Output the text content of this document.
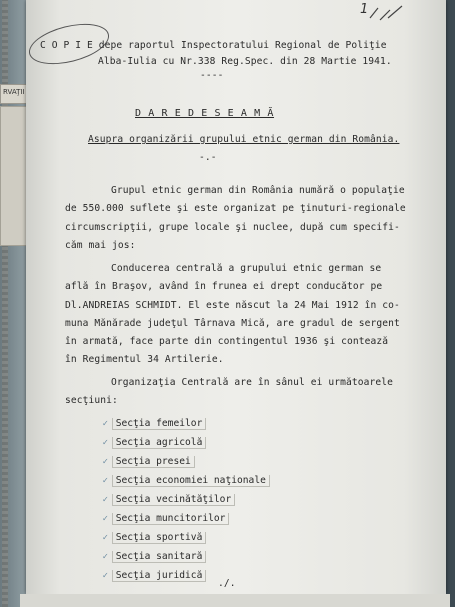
RVAŢII
1
C O P I E depe raportul Inspectoratului Regional de Poliţie
Alba-Iulia cu Nr.338 Reg.Spec. din 28 Martie 1941.
----
D A R E D E S E A M Ă
Asupra organizării grupului etnic german din România.
-.-
Grupul etnic german din România numără o populaţie
de 550.000 suflete şi este organizat pe ţinuturi-regionale
circumscripţii, grupe locale şi nuclee, după cum specifi-
căm mai jos:
Conducerea centrală a grupului etnic german se
află în Braşov, având în frunea ei drept conducător pe
Dl.ANDREIAS SCHMIDT. El este născut la 24 Mai 1912 în co-
muna Mănărade judeţul Târnava Mică, are gradul de sergent
în armată, face parte din contingentul 1936 şi contează
în Regimentul 34 Artilerie.
Organizaţia Centrală are în sânul ei următoarele
secţiuni:
✓ Secţia femeilor
✓ Secţia agricolă
✓ Secţia presei
✓ Secţia economiei naţionale
✓ Secţia vecinătăţilor
✓ Secţia muncitorilor
✓ Secţia sportivă
✓ Secţia sanitară
✓ Secţia juridică
./.
